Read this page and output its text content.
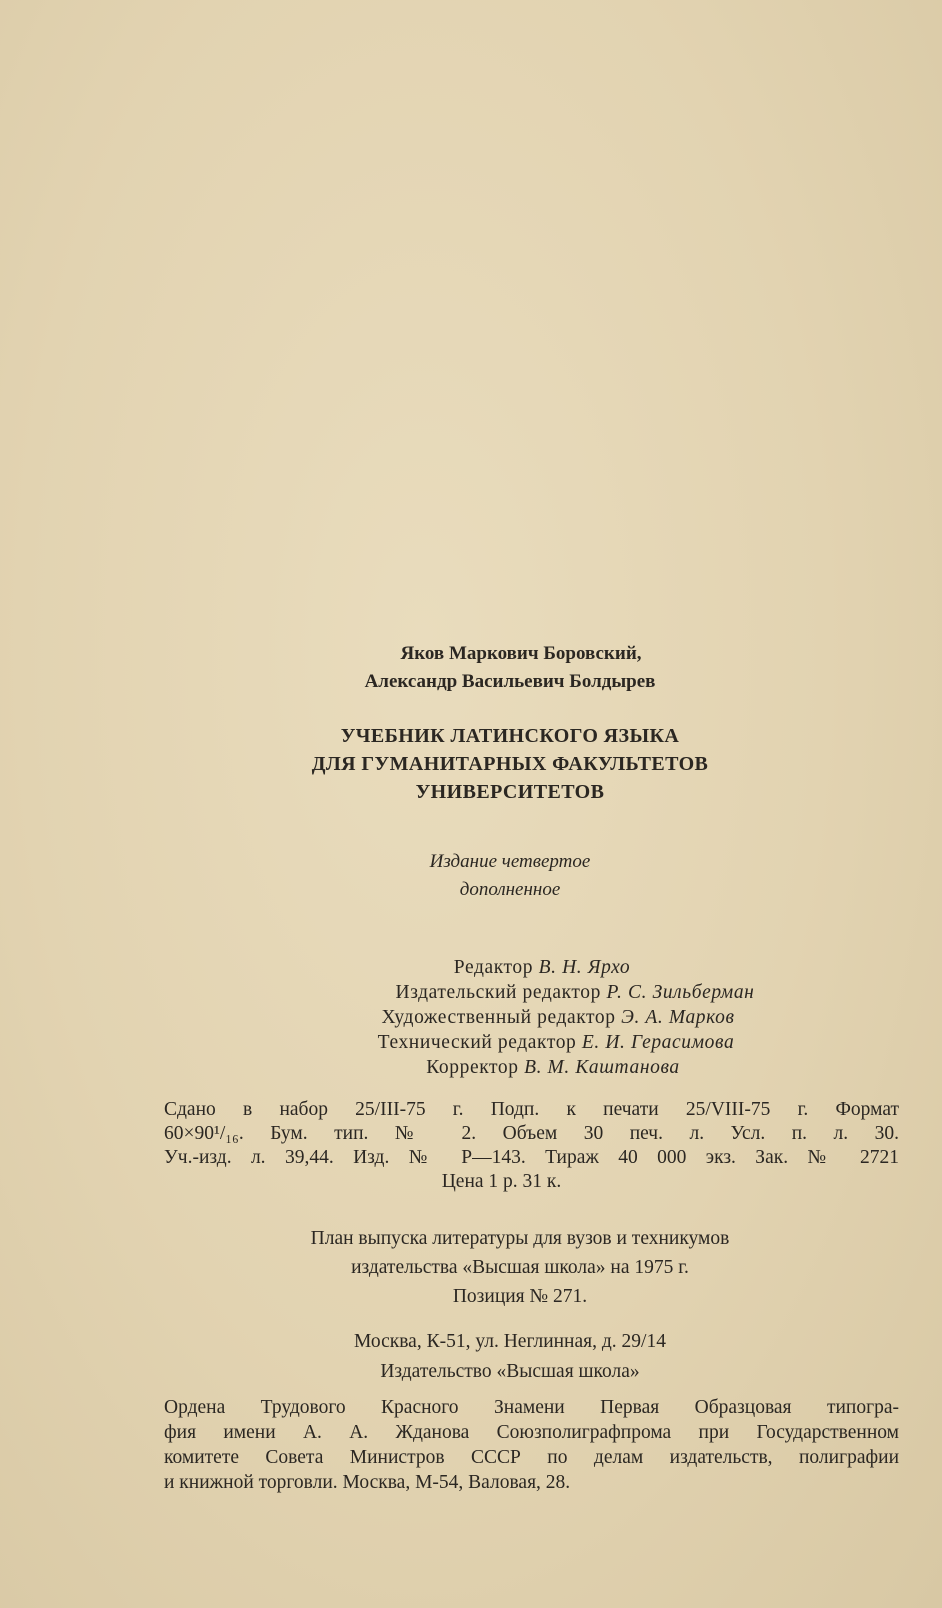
Яков Маркович Боровский,
Александр Васильевич Болдырев
УЧЕБНИК ЛАТИНСКОГО ЯЗЫКА
ДЛЯ ГУМАНИТАРНЫХ ФАКУЛЬТЕТОВ
УНИВЕРСИТЕТОВ
Издание четвертое
дополненное
Редактор В. Н. Ярхо
Издательский редактор Р. С. Зильберман
Художественный редактор Э. А. Марков
Технический редактор Е. И. Герасимова
Корректор В. М. Каштанова
Сдано в набор 25/III-75 г. Подп. к печати 25/VIII-75 г. Формат
60×90¹/₁₆. Бум. тип. № 2. Объем 30 печ. л. Усл. п. л. 30.
Уч.-изд. л. 39,44. Изд. № Р—143. Тираж 40 000 экз. Зак. № 2721
Цена 1 р. 31 к.
План выпуска литературы для вузов и техникумов
издательства «Высшая школа» на 1975 г.
Позиция № 271.
Москва, К-51, ул. Неглинная, д. 29/14
Издательство «Высшая школа»
Ордена Трудового Красного Знамени Первая Образцовая типогра-
фия имени А. А. Жданова Союзполиграфпрома при Государственном
комитете Совета Министров СССР по делам издательств, полиграфии
и книжной торговли. Москва, М-54, Валовая, 28.
